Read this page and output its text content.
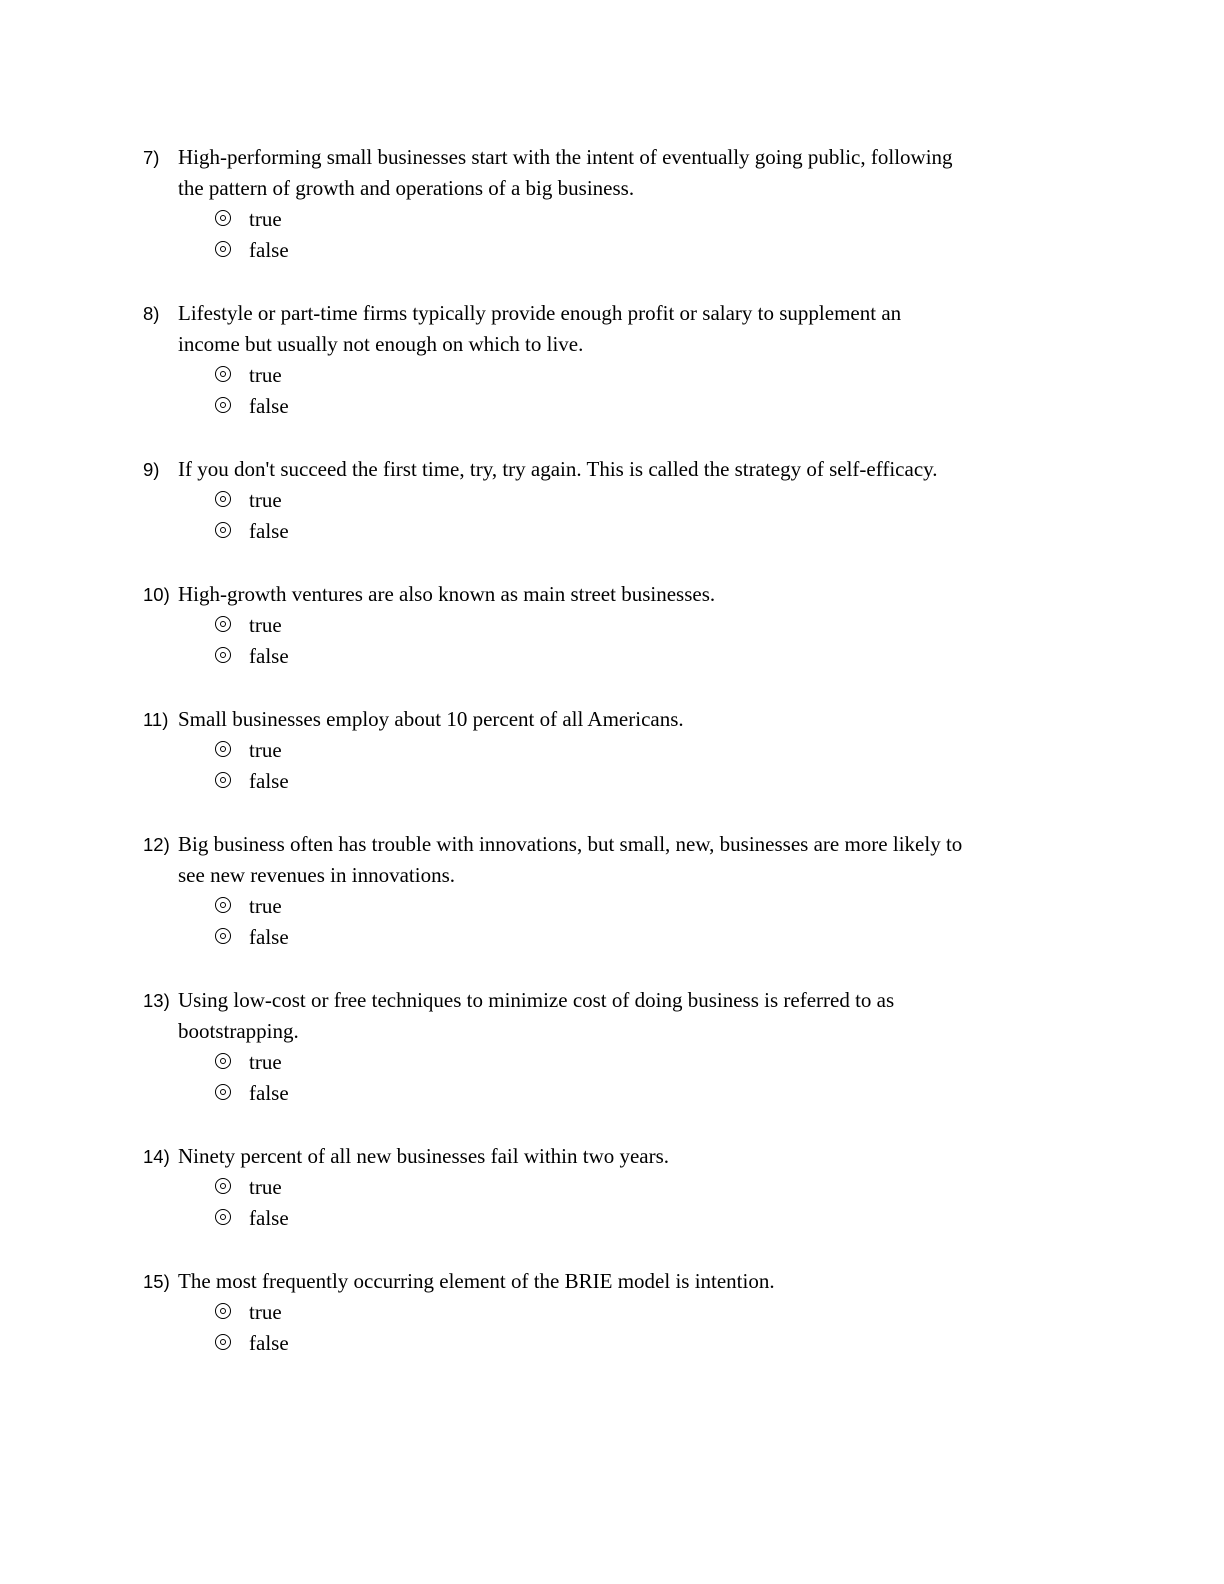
7) High-performing small businesses start with the intent of eventually going public, following
the pattern of growth and operations of a big business.
true
false
8) Lifestyle or part-time firms typically provide enough profit or salary to supplement an
income but usually not enough on which to live.
true
false
9) If you don't succeed the first time, try, try again. This is called the strategy of self-efficacy.
true
false
10) High-growth ventures are also known as main street businesses.
true
false
11) Small businesses employ about 10 percent of all Americans.
true
false
12) Big business often has trouble with innovations, but small, new, businesses are more likely to
see new revenues in innovations.
true
false
13) Using low-cost or free techniques to minimize cost of doing business is referred to as
bootstrapping.
true
false
14) Ninety percent of all new businesses fail within two years.
true
false
15) The most frequently occurring element of the BRIE model is intention.
true
false
